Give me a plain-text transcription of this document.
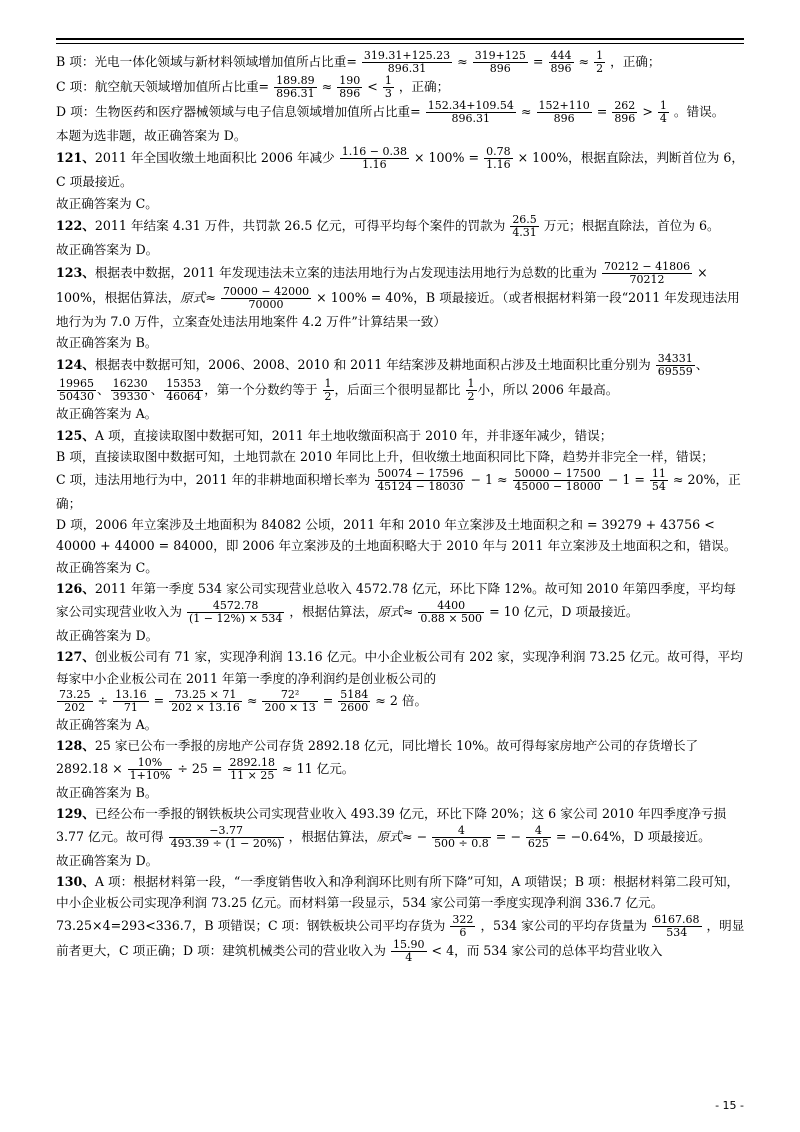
B 项：光电一体化领域与新材料领域增加值所占比重= $\frac{319.31+125.23}{896.31} \approx \frac{319+125}{896} = \frac{444}{896} \approx \frac{1}{2}$ ，正确；

C 项：航空航天领域增加值所占比重= $\frac{189.89}{896.31} \approx \frac{190}{896} < \frac{1}{3}$ ，正确；

D 项：生物医药和医疗器械领域与电子信息领域增加值所占比重= $\frac{152.34+109.54}{896.31} \approx \frac{152+110}{896} = \frac{262}{896} > \frac{1}{4}$ 。错误。

本题为选非题，故正确答案为 D。

121、2011 年全国收缴土地面积比 2006 年减少 $\frac{1.16 - 0.38}{1.16} \times 100\% = \frac{0.78}{1.16} \times 100\%$，根据直除法，判断首位为 6，C 项最接近。

故正确答案为 C。

122、2011 年结案 4.31 万件，共罚款 26.5 亿元，可得平均每个案件的罚款为 $\frac{26.5}{4.31}$ 万元；根据直除法，首位为 6。

故正确答案为 D。

123、根据表中数据，2011 年发现违法未立案的违法用地行为占发现违法用地行为总数的比重为 $\frac{70212 - 41806}{70212} \times 100\%$，根据估算法，原式≈ $\frac{70000 - 42000}{70000} \times 100\% = 40\%$，B 项最接近。（或者根据材料第一段“2011 年发现违法用地行为为 7.0 万件，立案查处违法用地案件 4.2 万件”计算结果一致）

故正确答案为 B。

124、根据表中数据可知，2006、2008、2010 和 2011 年结案涉及耕地面积占涉及土地面积比重分别为 $\frac{34331}{69559}$ 、
$\frac{19965}{50430}$ 、 $\frac{16230}{39330}$ 、 $\frac{15353}{46064}$ ，第一个分数约等于 $\frac{1}{2}$ ，后面三个很明显都比 $\frac{1}{2}$ 小，所以 2006 年最高。

故正确答案为 A。

125、A 项，直接读取图中数据可知，2011 年土地收缴面积高于 2010 年，并非逐年减少，错误；

B 项，直接读取图中数据可知，土地罚款在 2010 年同比上升，但收缴土地面积同比下降，趋势并非完全一样，错误；

C 项，违法用地行为中，2011 年的非耕地面积增长率为 $\frac{50074 - 17596}{45124 - 18030} - 1 \approx \frac{50000 - 17500}{45000 - 18000} - 1 = \frac{11}{54} \approx 20\%$，正确；

D 项，2006 年立案涉及土地面积为 84082 公顷，2011 年和 2010 年立案涉及土地面积之和 = 39279 + 43756 < 40000 + 44000 = 84000，即 2006 年立案涉及的土地面积略大于 2010 年与 2011 年立案涉及土地面积之和，错误。

故正确答案为 C。

126、2011 年第一季度 534 家公司实现营业总收入 4572.78 亿元，环比下降 12%。故可知 2010 年第四季度，平均每家公司实现营业收入为 $\frac{4572.78}{(1 - 12\%) \times 534}$ ，根据估算法，原式≈ $\frac{4400}{0.88 \times 500} = 10$ 亿元，D 项最接近。

故正确答案为 D。

127、创业板公司有 71 家，实现净利润 13.16 亿元。中小企业板公司有 202 家，实现净利润 73.25 亿元。故可得，平均每家中小企业板公司在 2011 年第一季度的净利润约是创业板公司的

$\frac{73.25}{202} \div \frac{13.16}{71} = \frac{73.25 \times 71}{202 \times 13.16} \approx \frac{\text{72²}}{200 \times 13} = \frac{5184}{2600} \approx 2$ 倍。

故正确答案为 A。

128、25 家已公布一季报的房地产公司存货 2892.18 亿元，同比增长 10%。故可得每家房地产公司的存货增长了 $2892.18 \times \frac{10\%}{1+10\%} \div 25 = \frac{2892.18}{11 \times 25} \approx 11$ 亿元。

故正确答案为 B。

129、已经公布一季报的钢铁板块公司实现营业收入 493.39 亿元，环比下降 20%；这 6 家公司 2010 年四季度净亏损 3.77 亿元。故可得 $\frac{-3.77}{493.39 \div (1 - 20\%)}$ ，根据估算法，原式≈ − $\frac{4}{500 \div 0.8}$ = − $\frac{4}{625} = -0.64\%$，D 项最接近。

故正确答案为 D。

130、A 项：根据材料第一段，“一季度销售收入和净利润环比则有所下降”可知，A 项错误；B 项：根据材料第二段可知，中小企业板公司实现净利润 73.25 亿元。而材料第一段显示，534 家公司第一季度实现净利润 336.7 亿元。73.25×4=293<336.7，B 项错误；C 项：钢铁板块公司平均存货为 $\frac{322}{6}$ ，534 家公司的平均存货量为 $\frac{6167.68}{534}$ ，明显前者更大，C 项正确；D 项：建筑机械类公司的营业收入为 $\frac{15.90}{4} < 4$，而 534 家公司的总体平均营业收入

- 15 -
